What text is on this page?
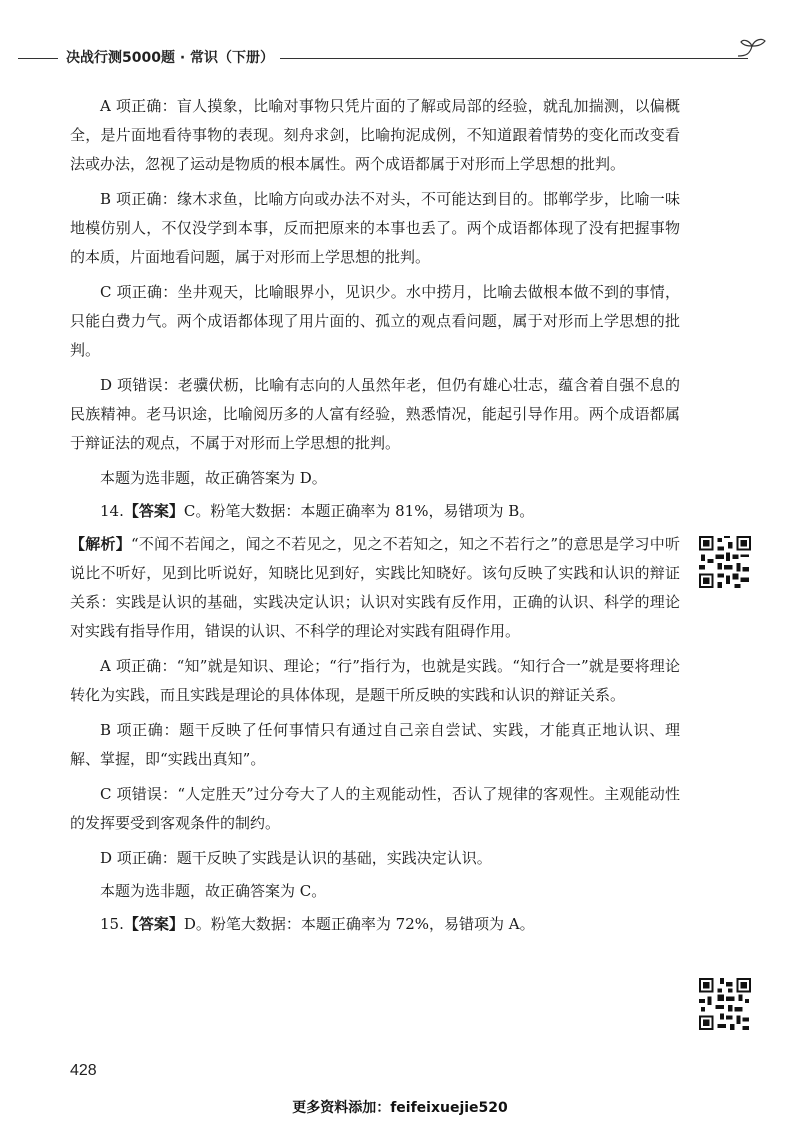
决战行测5000题 · 常识（下册）

A 项正确：盲人摸象，比喻对事物只凭片面的了解或局部的经验，就乱加揣测，以偏概全，是片面地看待事物的表现。刻舟求剑，比喻拘泥成例，不知道跟着情势的变化而改变看法或办法，忽视了运动是物质的根本属性。两个成语都属于对形而上学思想的批判。

B 项正确：缘木求鱼，比喻方向或办法不对头，不可能达到目的。邯郸学步，比喻一味地模仿别人，不仅没学到本事，反而把原来的本事也丢了。两个成语都体现了没有把握事物的本质，片面地看问题，属于对形而上学思想的批判。

C 项正确：坐井观天，比喻眼界小，见识少。水中捞月，比喻去做根本做不到的事情，只能白费力气。两个成语都体现了用片面的、孤立的观点看问题，属于对形而上学思想的批判。

D 项错误：老骥伏枥，比喻有志向的人虽然年老，但仍有雄心壮志，蕴含着自强不息的民族精神。老马识途，比喻阅历多的人富有经验，熟悉情况，能起引导作用。两个成语都属于辩证法的观点，不属于对形而上学思想的批判。

本题为选非题，故正确答案为 D。

14.【答案】C。粉笔大数据：本题正确率为 81%，易错项为 B。

【解析】“不闻不若闻之，闻之不若见之，见之不若知之，知之不若行之”的意思是学习中听说比不听好，见到比听说好，知晓比见到好，实践比知晓好。该句反映了实践和认识的辩证关系：实践是认识的基础，实践决定认识；认识对实践有反作用，正确的认识、科学的理论对实践有指导作用，错误的认识、不科学的理论对实践有阻碍作用。

A 项正确：“知”就是知识、理论；“行”指行为，也就是实践。“知行合一”就是要将理论转化为实践，而且实践是理论的具体体现，是题干所反映的实践和认识的辩证关系。

B 项正确：题干反映了任何事情只有通过自己亲自尝试、实践，才能真正地认识、理解、掌握，即“实践出真知”。

C 项错误：“人定胜天”过分夸大了人的主观能动性，否认了规律的客观性。主观能动性的发挥要受到客观条件的制约。

D 项正确：题干反映了实践是认识的基础，实践决定认识。

本题为选非题，故正确答案为 C。

15.【答案】D。粉笔大数据：本题正确率为 72%，易错项为 A。

428
更多资料添加：feifeixuejie520
